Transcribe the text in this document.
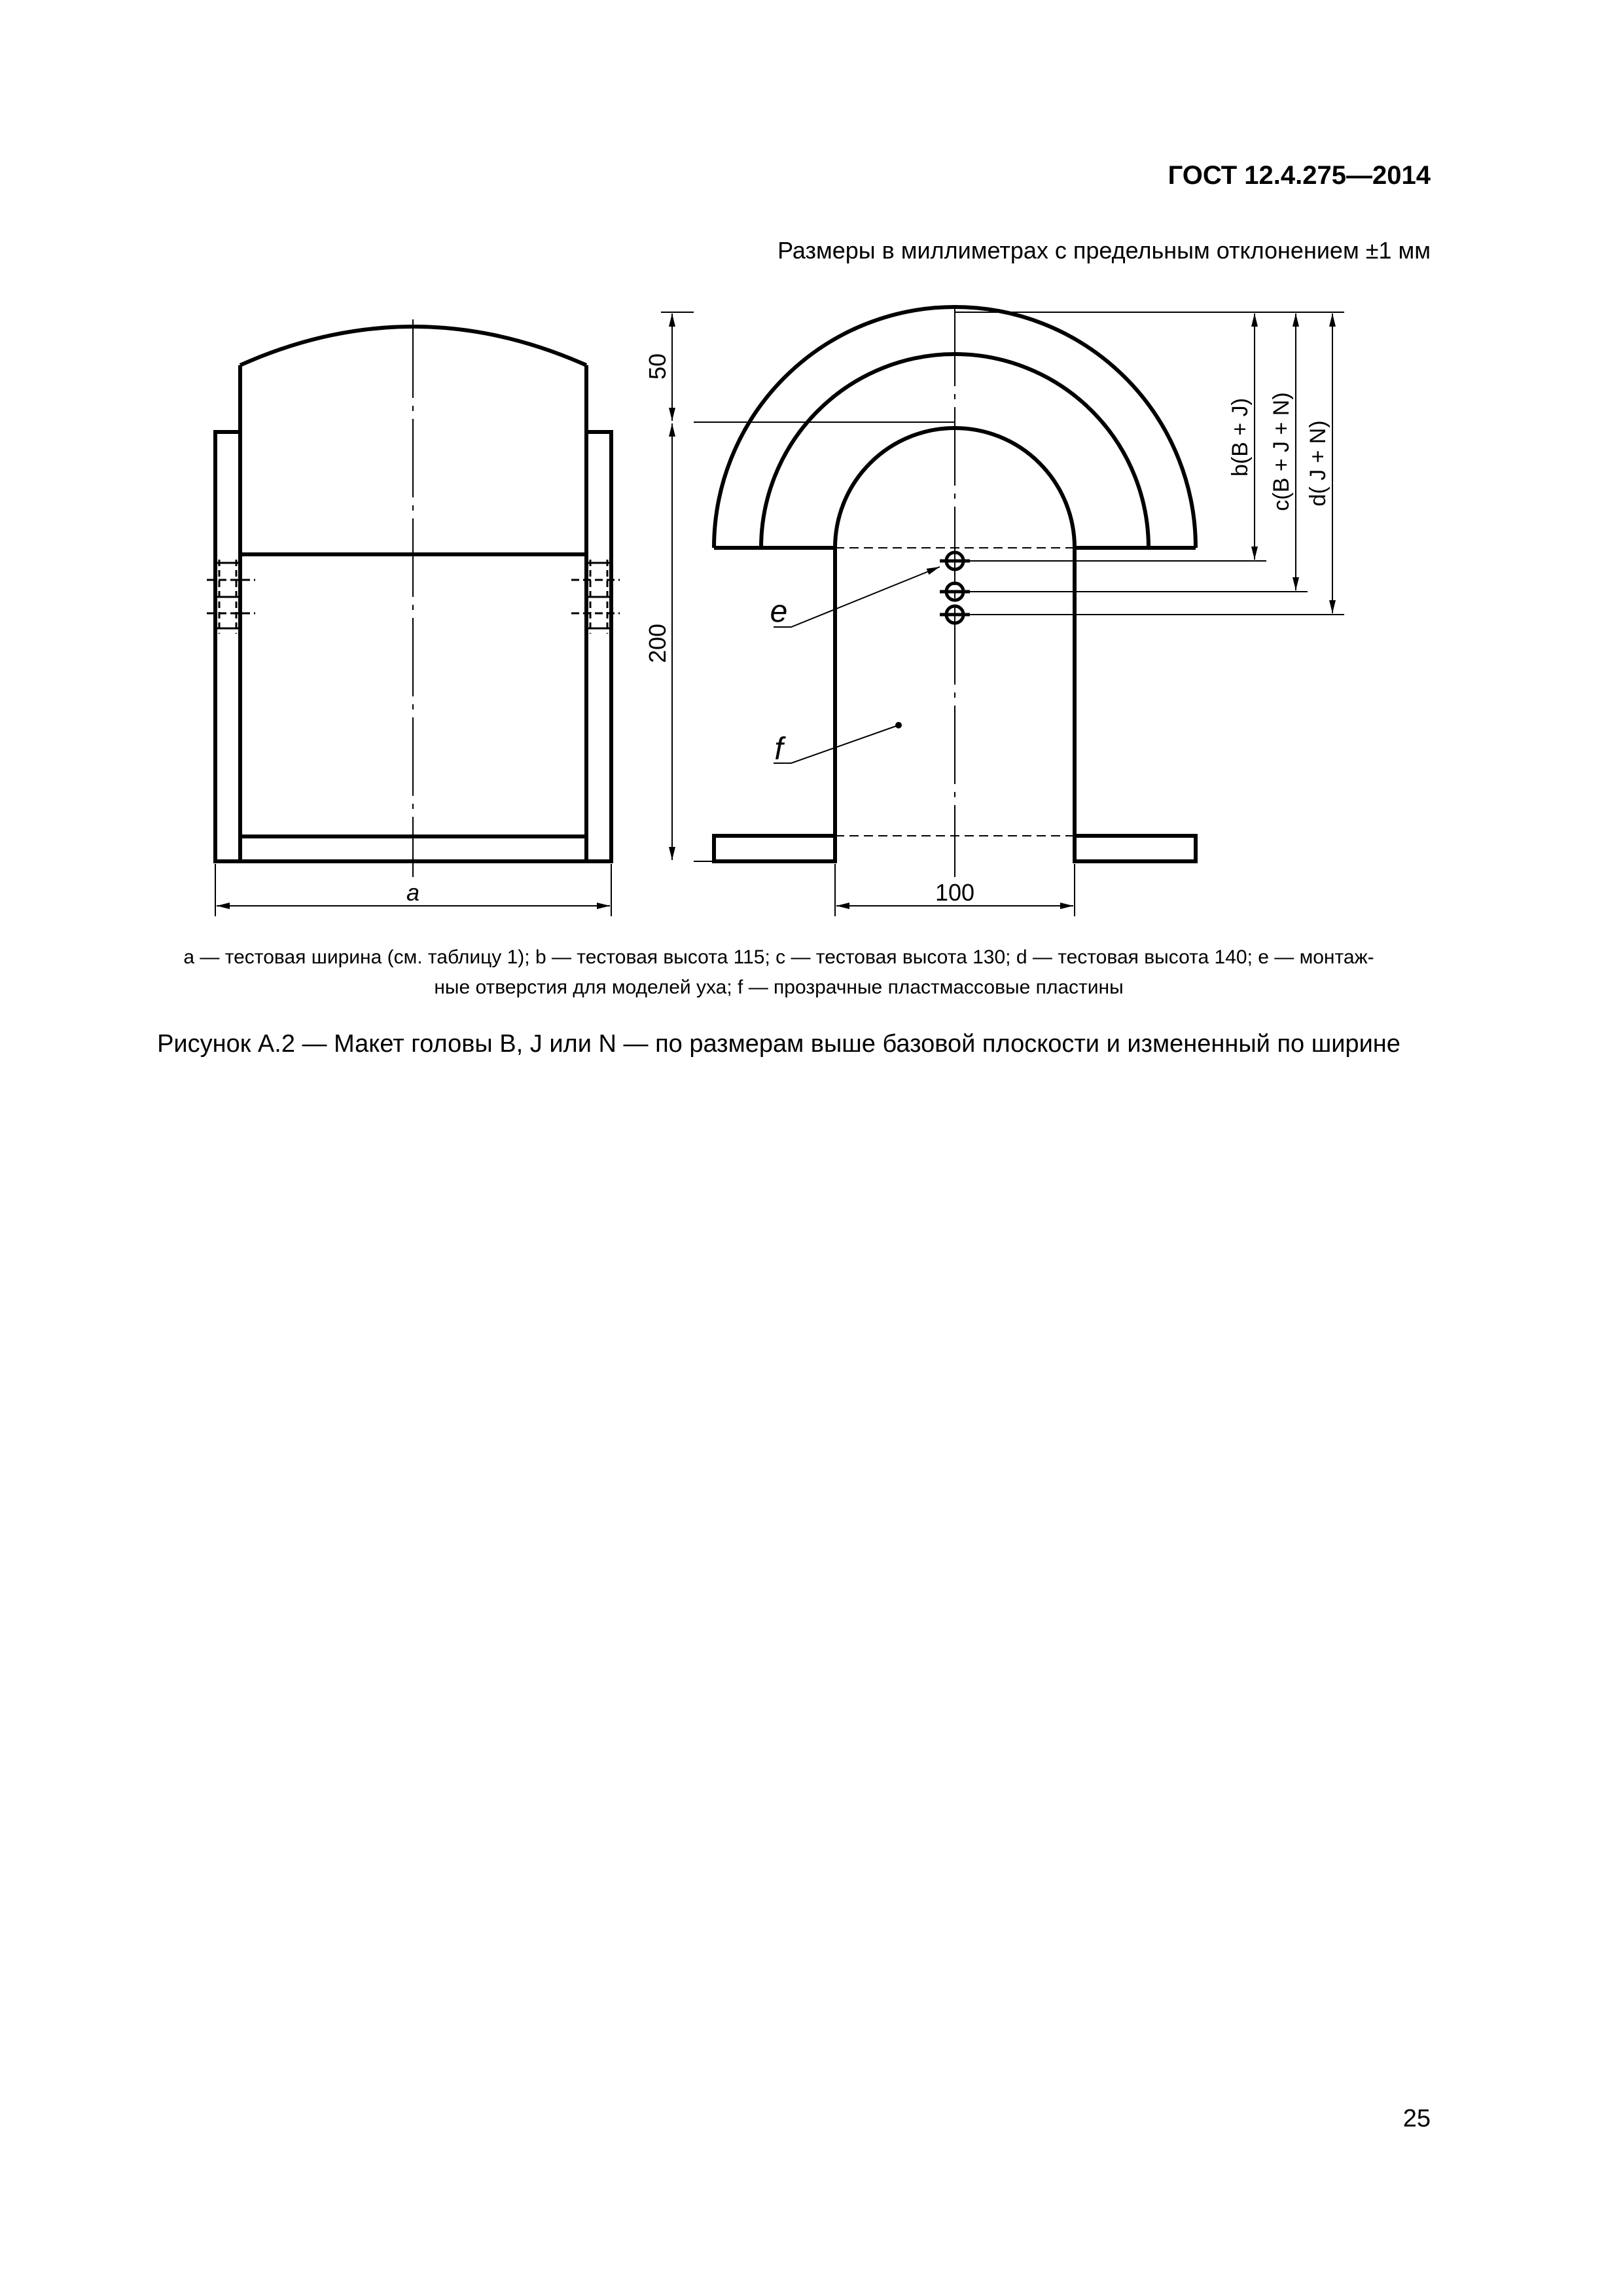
ГОСТ 12.4.275—2014
Размеры в миллиметрах с предельным отклонением ±1 мм
a
50
200
b(B + J) c(B + J + N) d( J + N)
100
e
f
a — тестовая ширина (см. таблицу 1); b — тестовая высота 115; c — тестовая высота 130; d — тестовая высота 140; e — монтаж-
ные отверстия для моделей уха; f — прозрачные пластмассовые пластины
Рисунок А.2 — Макет головы B, J или N — по размерам выше базовой плоскости и измененный по ширине
25
